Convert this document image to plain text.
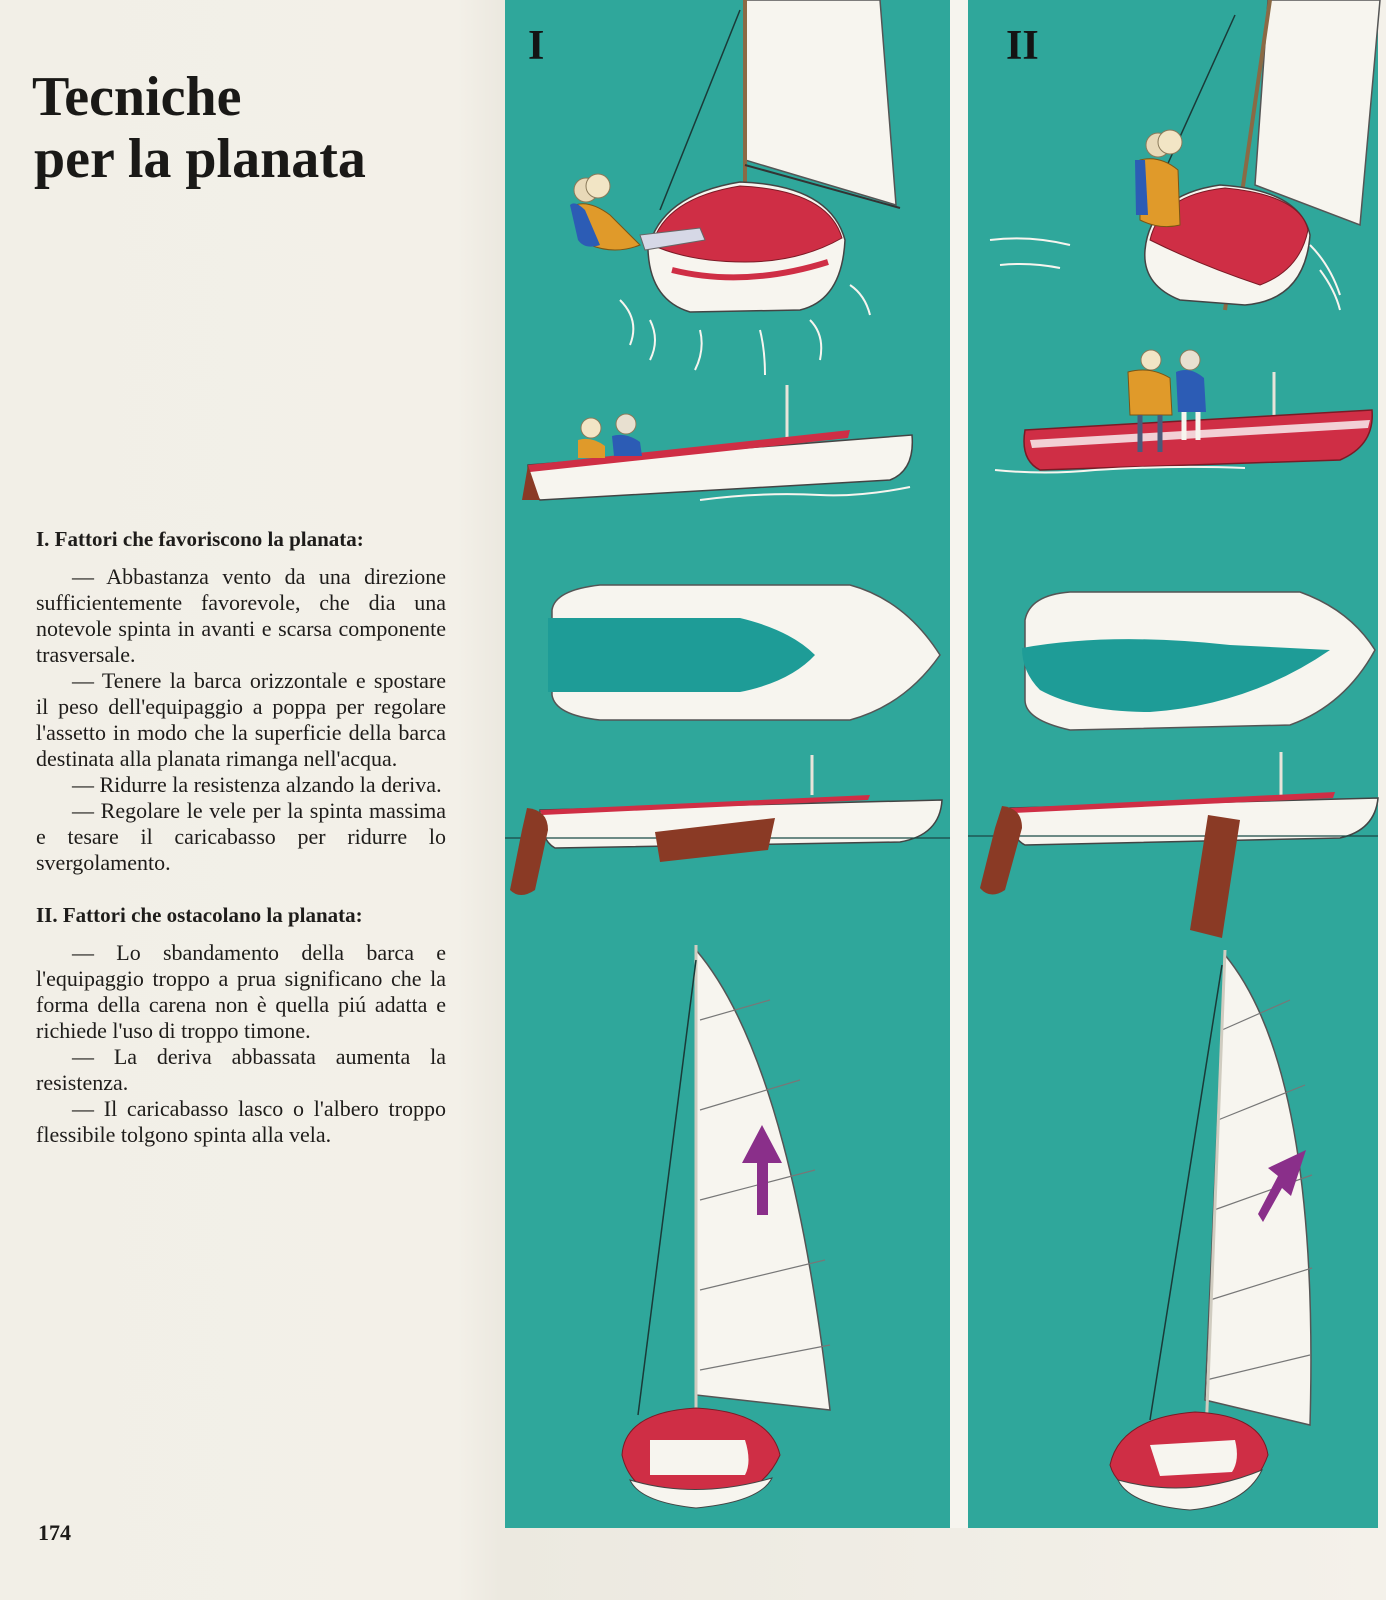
Tecniche
per la planata

I. Fattori che favoriscono la planata:

— Abbastanza vento da una direzione sufficientemente favorevole, che dia una notevole spinta in avanti e scarsa componente trasversale.

— Tenere la barca orizzontale e spostare il peso dell'equipaggio a poppa per regolare l'assetto in modo che la superficie della barca destinata alla planata rimanga nell'acqua.

— Ridurre la resistenza alzando la deriva.

— Regolare le vele per la spinta massima e tesare il caricabasso per ridurre lo svergolamento.

II. Fattori che ostacolano la planata:

— Lo sbandamento della barca e l'equipaggio troppo a prua significano che la forma della carena non è quella piú adatta e richiede l'uso di troppo timone.

— La deriva abbassata aumenta la resistenza.

— Il caricabasso lasco o l'albero troppo flessibile tolgono spinta alla vela.

174
I	II
